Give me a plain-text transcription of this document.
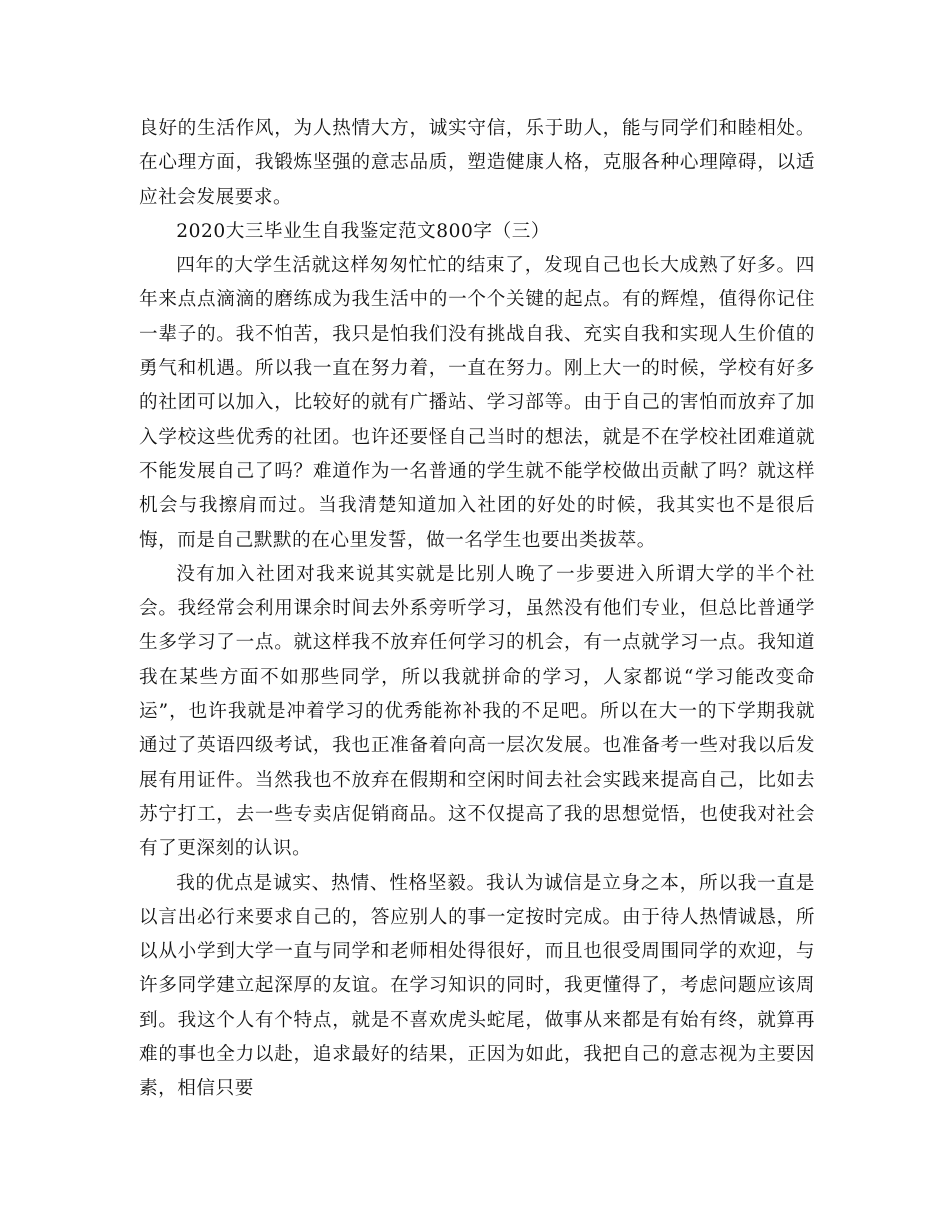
良好的生活作风，为人热情大方，诚实守信，乐于助人，能与同学们和睦相处。在心理方面，我锻炼坚强的意志品质，塑造健康人格，克服各种心理障碍，以适应社会发展要求。

2020大三毕业生自我鉴定范文800字（三）

四年的大学生活就这样匆匆忙忙的结束了，发现自己也长大成熟了好多。四年来点点滴滴的磨练成为我生活中的一个个关键的起点。有的辉煌，值得你记住一辈子的。我不怕苦，我只是怕我们没有挑战自我、充实自我和实现人生价值的勇气和机遇。所以我一直在努力着，一直在努力。刚上大一的时候，学校有好多的社团可以加入，比较好的就有广播站、学习部等。由于自己的害怕而放弃了加入学校这些优秀的社团。也许还要怪自己当时的想法，就是不在学校社团难道就不能发展自己了吗？难道作为一名普通的学生就不能学校做出贡献了吗？就这样机会与我擦肩而过。当我清楚知道加入社团的好处的时候，我其实也不是很后悔，而是自己默默的在心里发誓，做一名学生也要出类拔萃。

没有加入社团对我来说其实就是比别人晚了一步要进入所谓大学的半个社会。我经常会利用课余时间去外系旁听学习，虽然没有他们专业，但总比普通学生多学习了一点。就这样我不放弃任何学习的机会，有一点就学习一点。我知道我在某些方面不如那些同学，所以我就拼命的学习，人家都说“学习能改变命运”，也许我就是冲着学习的优秀能祢补我的不足吧。所以在大一的下学期我就通过了英语四级考试，我也正准备着向高一层次发展。也准备考一些对我以后发展有用证件。当然我也不放弃在假期和空闲时间去社会实践来提高自己，比如去苏宁打工，去一些专卖店促销商品。这不仅提高了我的思想觉悟，也使我对社会有了更深刻的认识。

我的优点是诚实、热情、性格坚毅。我认为诚信是立身之本，所以我一直是以言出必行来要求自己的，答应别人的事一定按时完成。由于待人热情诚恳，所以从小学到大学一直与同学和老师相处得很好，而且也很受周围同学的欢迎，与许多同学建立起深厚的友谊。在学习知识的同时，我更懂得了，考虑问题应该周到。我这个人有个特点，就是不喜欢虎头蛇尾，做事从来都是有始有终，就算再难的事也全力以赴，追求最好的结果，正因为如此，我把自己的意志视为主要因素，相信只要
